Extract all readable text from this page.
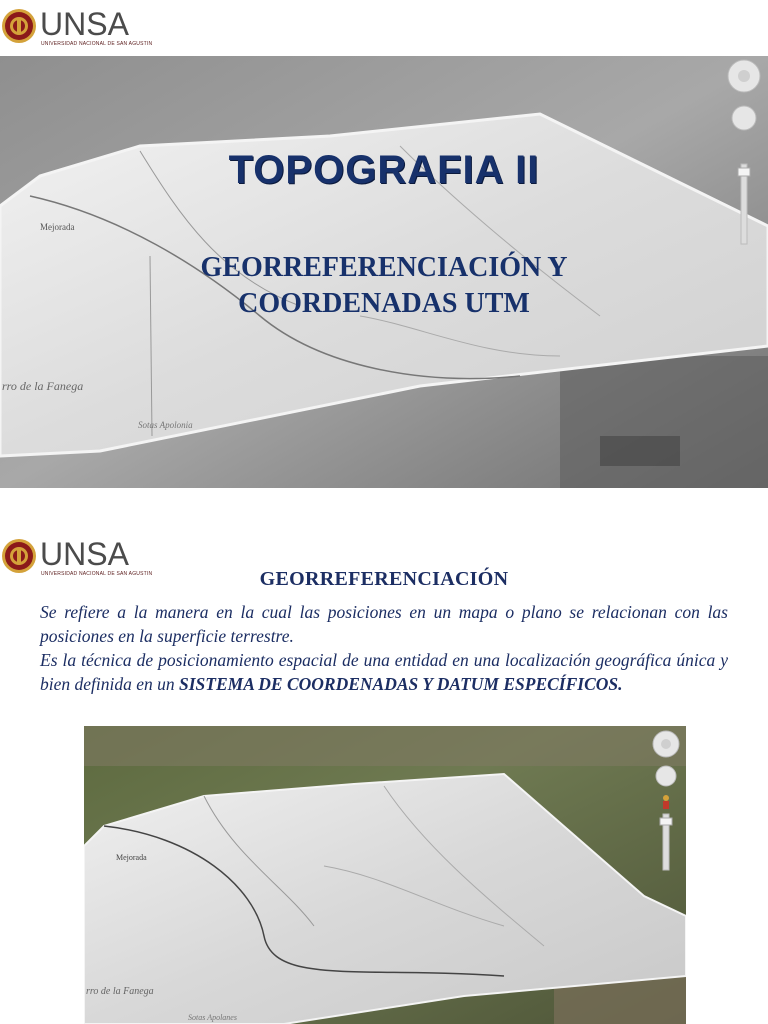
UNSA
UNIVERSIDAD NACIONAL DE SAN AGUSTIN
Mejorada
rro de la Fanega
Sotas Apolonia
TOPOGRAFIA II
GEORREFERENCIACIÓN Y
COORDENADAS UTM
UNSA
UNIVERSIDAD NACIONAL DE SAN AGUSTIN	GEORREFERENCIACIÓN

Se refiere a la manera en la cual las posiciones en un mapa o plano se relacionan con las posiciones en la superficie terrestre.

Es la técnica de posicionamiento espacial de una entidad en una localización geográfica única y bien definida en un SISTEMA DE COORDENADAS Y DATUM ESPECÍFICOS.

Mejorada
rro de la Fanega
Sotas Apolanes
